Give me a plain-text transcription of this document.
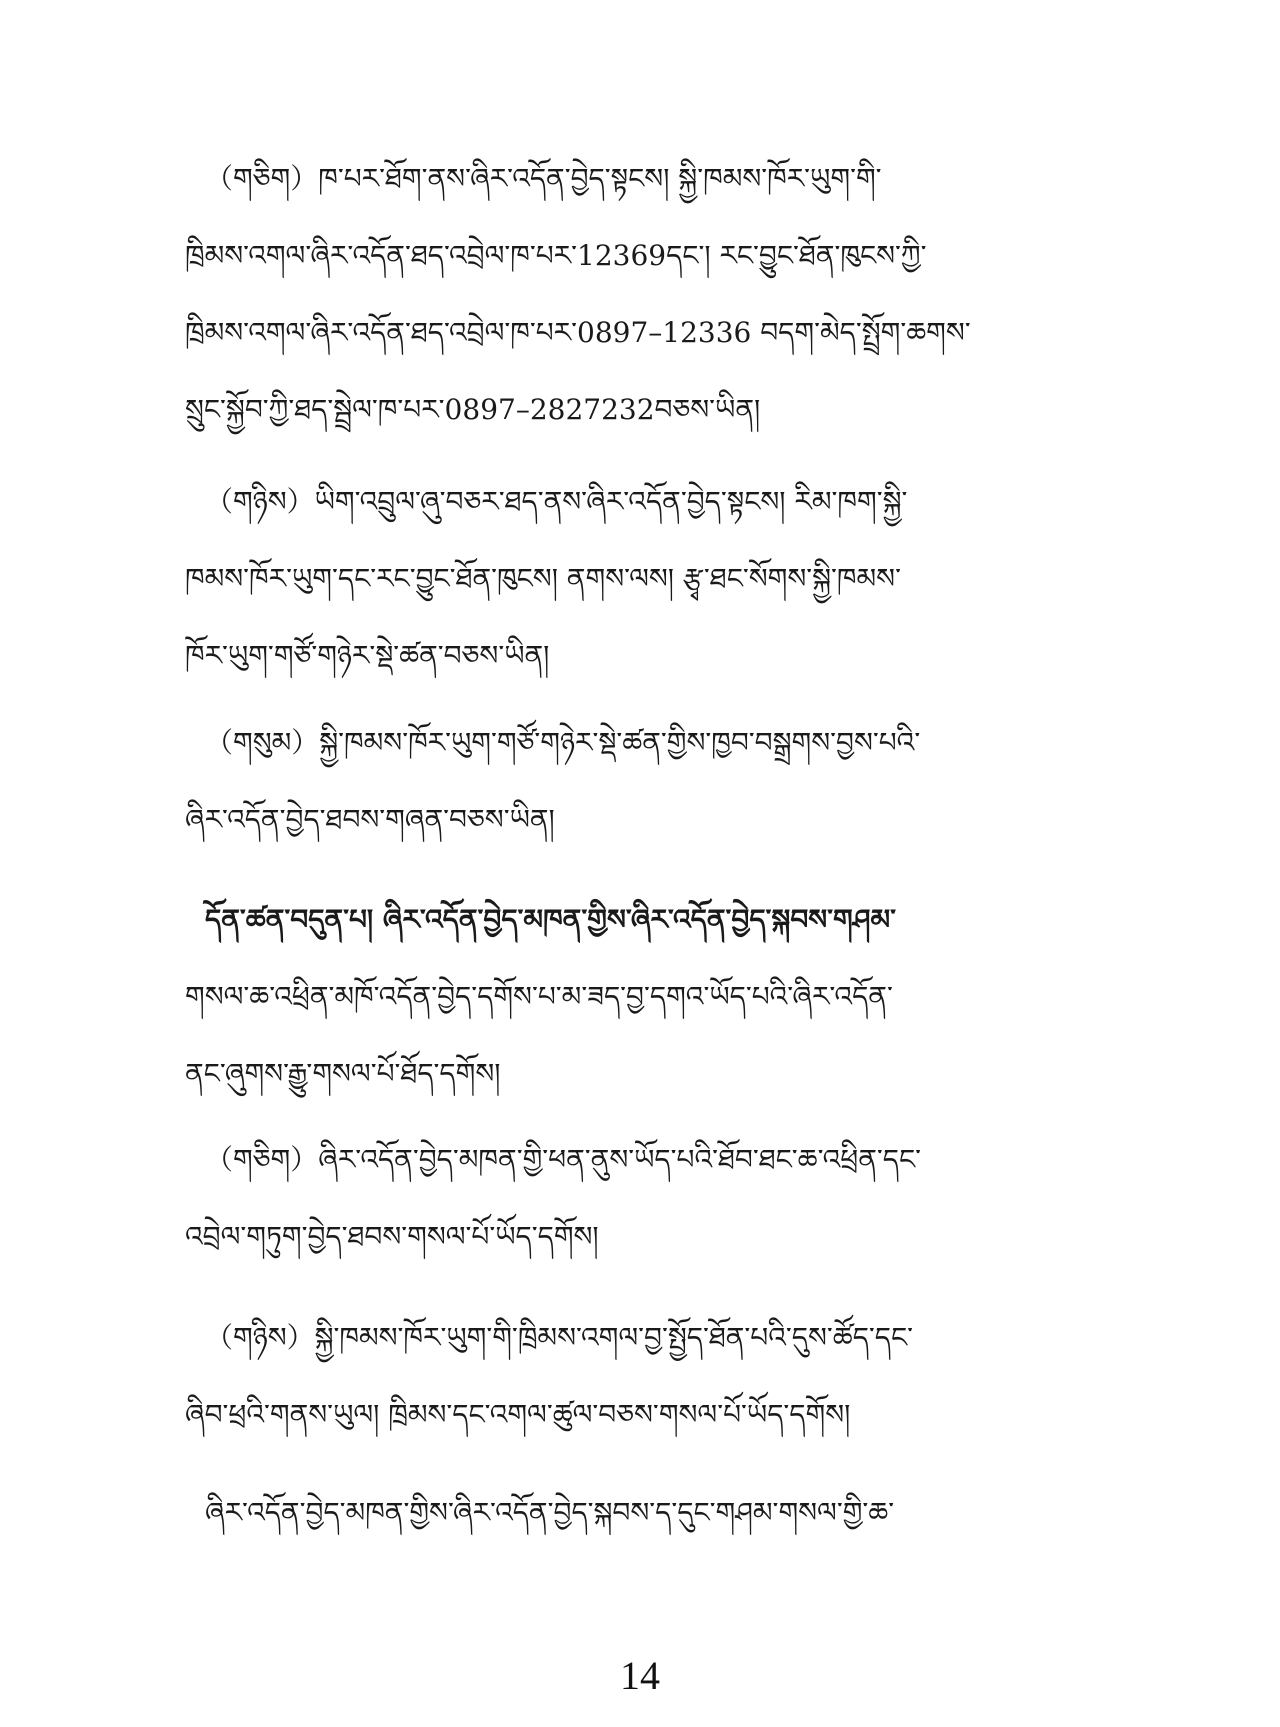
（གཅིག）ཁ་པར་ཐོག་ནས་ཞིར་འདོན་བྱེད་སྟངས། སྐྱི་ཁམས་ཁོར་ཡུག་གི་
ཁྲིམས་འགལ་ཞིར་འདོན་ཐད་འབྲེལ་ཁ་པར་12369དང་། རང་བྱུང་ཐོན་ཁུངས་ཀྱི་
ཁྲིམས་འགལ་ཞིར་འདོན་ཐད་འབྲེལ་ཁ་པར་0897–12336 བདག་མེད་སྤྲོག་ཆགས་
སྲུང་སྐྱོབ་ཀྱི་ཐད་སྦྲེལ་ཁ་པར་0897–2827232བཅས་ཡིན།
（གཉིས）ཡིག་འབྲུལ་ཞུ་བཅར་ཐད་ནས་ཞིར་འདོན་བྱེད་སྟངས། རིམ་ཁག་སྐྱི་
ཁམས་ཁོར་ཡུག་དང་རང་བྱུང་ཐོན་ཁུངས། ནགས་ལས། རྩྭ་ཐང་སོགས་སྐྱི་ཁམས་
ཁོར་ཡུག་གཙོ་གཉེར་སྡེ་ཚན་བཅས་ཡིན།
（གསུམ）སྐྱི་ཁམས་ཁོར་ཡུག་གཙོ་གཉེར་སྡེ་ཚན་གྱིས་ཁྱབ་བསྒྲགས་བྱས་པའི་
ཞིར་འདོན་བྱེད་ཐབས་གཞན་བཅས་ཡིན།
དོན་ཚན་བདུན་པ། ཞིར་འདོན་བྱེད་མཁན་གྱིས་ཞིར་འདོན་བྱེད་སྐབས་གཤམ་
གསལ་ཆ་འཕྲིན་མཁོ་འདོན་བྱེད་དགོས་པ་མ་ཟད་བྱ་དགའ་ཡོད་པའི་ཞིར་འདོན་
ནང་ཞུགས་རྒྱུ་གསལ་པོ་ཐོད་དགོས།
（གཅིག）ཞིར་འདོན་བྱེད་མཁན་གྱི་ཕན་ནུས་ཡོད་པའི་ཐོབ་ཐང་ཆ་འཕྲིན་དང་
འབྲེལ་གཏུག་བྱེད་ཐབས་གསལ་པོ་ཡོད་དགོས།
（གཉིས）སྐྱི་ཁམས་ཁོར་ཡུག་གི་ཁྲིམས་འགལ་བྱ་སྤྱོད་ཐོན་པའི་དུས་ཚོད་དང་
ཞིབ་ཕྲའི་གནས་ཡུལ། ཁྲིམས་དང་འགལ་ཚུལ་བཅས་གསལ་པོ་ཡོད་དགོས།
ཞིར་འདོན་བྱེད་མཁན་གྱིས་ཞིར་འདོན་བྱེད་སྐབས་ད་དུང་གཤམ་གསལ་གྱི་ཆ་
14
